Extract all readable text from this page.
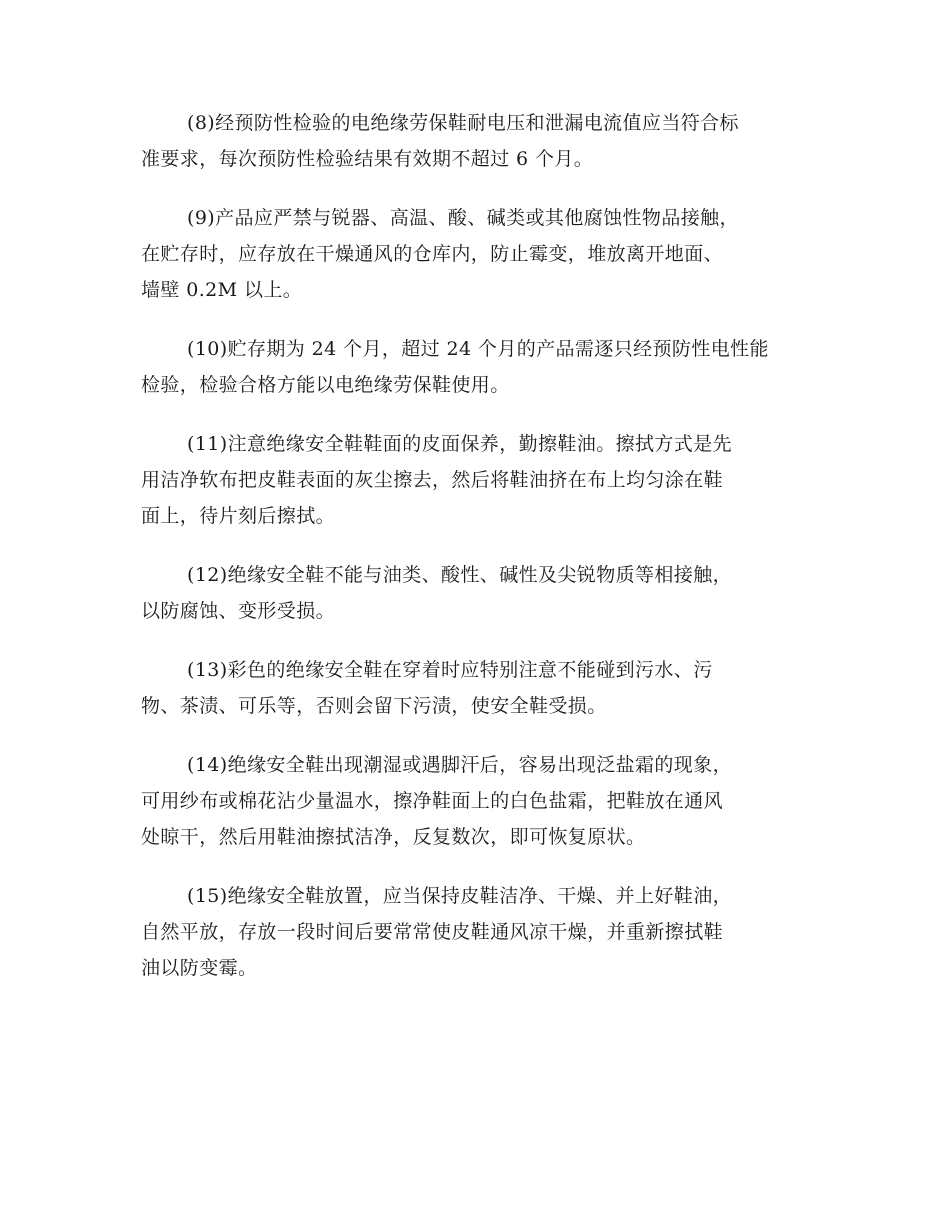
(8)经预防性检验的电绝缘劳保鞋耐电压和泄漏电流值应当符合标
准要求，每次预防性检验结果有效期不超过 6 个月。

(9)产品应严禁与锐器、高温、酸、碱类或其他腐蚀性物品接触，
在贮存时，应存放在干燥通风的仓库内，防止霉变，堆放离开地面、
墙壁 0.2M 以上。

(10)贮存期为 24 个月，超过 24 个月的产品需逐只经预防性电性能
检验，检验合格方能以电绝缘劳保鞋使用。

(11)注意绝缘安全鞋鞋面的皮面保养，勤擦鞋油。擦拭方式是先
用洁净软布把皮鞋表面的灰尘擦去，然后将鞋油挤在布上均匀涂在鞋
面上，待片刻后擦拭。

(12)绝缘安全鞋不能与油类、酸性、碱性及尖锐物质等相接触，
以防腐蚀、变形受损。

(13)彩色的绝缘安全鞋在穿着时应特别注意不能碰到污水、污
物、茶渍、可乐等，否则会留下污渍，使安全鞋受损。

(14)绝缘安全鞋出现潮湿或遇脚汗后，容易出现泛盐霜的现象，
可用纱布或棉花沾少量温水，擦净鞋面上的白色盐霜，把鞋放在通风
处晾干，然后用鞋油擦拭洁净，反复数次，即可恢复原状。

(15)绝缘安全鞋放置，应当保持皮鞋洁净、干燥、并上好鞋油，
自然平放，存放一段时间后要常常使皮鞋通风凉干燥，并重新擦拭鞋
油以防变霉。
